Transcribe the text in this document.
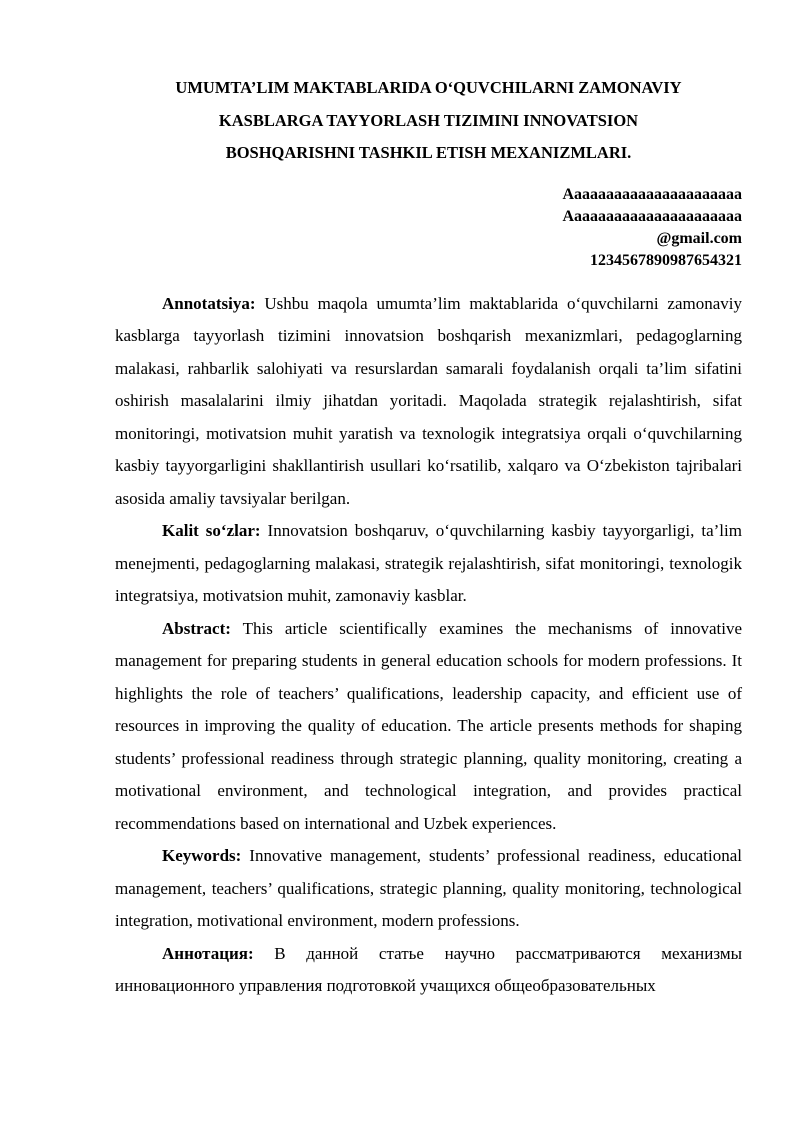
UMUMTA’LIM MAKTABLARIDA O‘QUVCHILARNI ZAMONAVIY
KASBLARGA TAYYORLASH TIZIMINI INNOVATSION
BOSHQARISHNI TASHKIL ETISH MEXANIZMLARI.
Aaaaaaaaaaaaaaaaaaaaaa
Aaaaaaaaaaaaaaaaaaaaaa
@gmail.com
1234567890987654321

Annotatsiya: Ushbu maqola umumta’lim maktablarida o‘quvchilarni zamonaviy kasblarga tayyorlash tizimini innovatsion boshqarish mexanizmlari, pedagoglarning malakasi, rahbarlik salohiyati va resurslardan samarali foydalanish orqali ta’lim sifatini oshirish masalalarini ilmiy jihatdan yoritadi. Maqolada strategik rejalashtirish, sifat monitoringi, motivatsion muhit yaratish va texnologik integratsiya orqali o‘quvchilarning kasbiy tayyorgarligini shakllantirish usullari ko‘rsatilib, xalqaro va O‘zbekiston tajribalari asosida amaliy tavsiyalar berilgan.

Kalit so‘zlar: Innovatsion boshqaruv, o‘quvchilarning kasbiy tayyorgarligi, ta’lim menejmenti, pedagoglarning malakasi, strategik rejalashtirish, sifat monitoringi, texnologik integratsiya, motivatsion muhit, zamonaviy kasblar.

Abstract: This article scientifically examines the mechanisms of innovative management for preparing students in general education schools for modern professions. It highlights the role of teachers’ qualifications, leadership capacity, and efficient use of resources in improving the quality of education. The article presents methods for shaping students’ professional readiness through strategic planning, quality monitoring, creating a motivational environment, and technological integration, and provides practical recommendations based on international and Uzbek experiences.

Keywords: Innovative management, students’ professional readiness, educational management, teachers’ qualifications, strategic planning, quality monitoring, technological integration, motivational environment, modern professions.

Аннотация: В данной статье научно рассматриваются механизмы инновационного управления подготовкой учащихся общеобразовательных
